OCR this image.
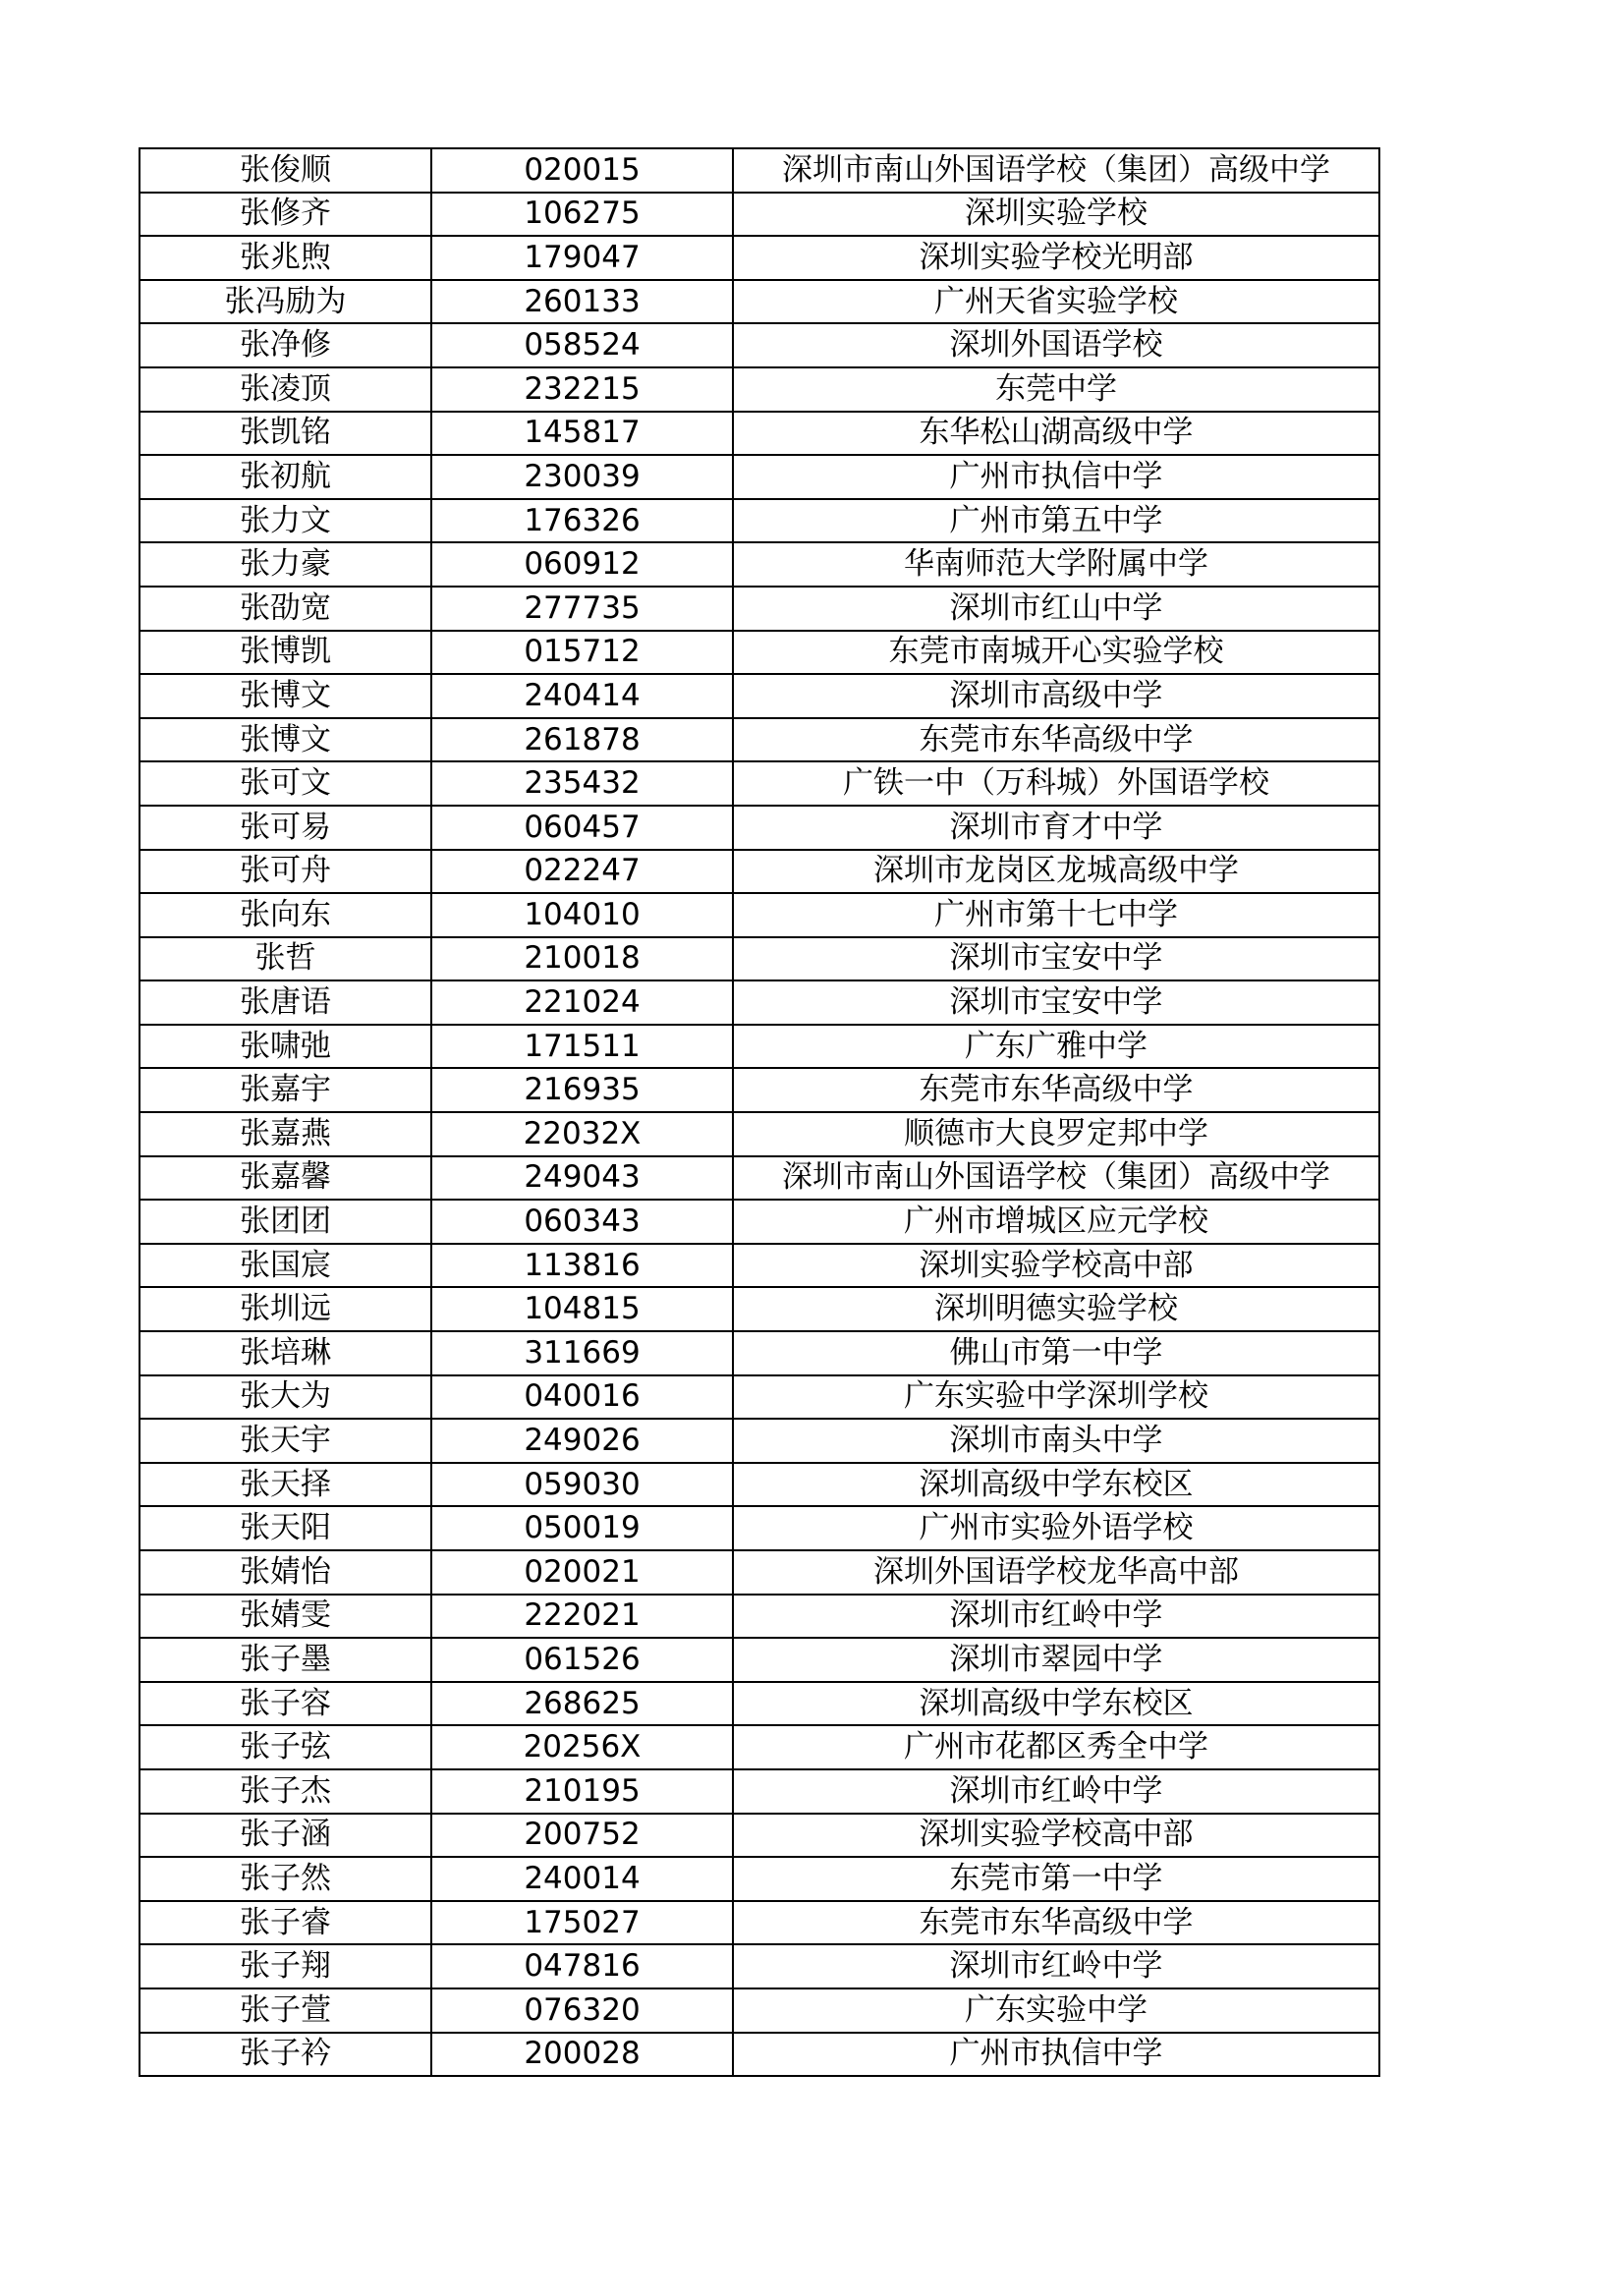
张俊顺	020015	深圳市南山外国语学校（集团）高级中学
张修齐	106275	深圳实验学校
张兆煦	179047	深圳实验学校光明部
张冯励为	260133	广州天省实验学校
张净修	058524	深圳外国语学校
张凌顶	232215	东莞中学
张凯铭	145817	东华松山湖高级中学
张初航	230039	广州市执信中学
张力文	176326	广州市第五中学
张力豪	060912	华南师范大学附属中学
张劭宽	277735	深圳市红山中学
张博凯	015712	东莞市南城开心实验学校
张博文	240414	深圳市高级中学
张博文	261878	东莞市东华高级中学
张可文	235432	广铁一中（万科城）外国语学校
张可易	060457	深圳市育才中学
张可舟	022247	深圳市龙岗区龙城高级中学
张向东	104010	广州市第十七中学
张哲	210018	深圳市宝安中学
张唐语	221024	深圳市宝安中学
张啸弛	171511	广东广雅中学
张嘉宇	216935	东莞市东华高级中学
张嘉燕	22032X	顺德市大良罗定邦中学
张嘉馨	249043	深圳市南山外国语学校（集团）高级中学
张团团	060343	广州市增城区应元学校
张国宸	113816	深圳实验学校高中部
张圳远	104815	深圳明德实验学校
张培琳	311669	佛山市第一中学
张大为	040016	广东实验中学深圳学校
张天宇	249026	深圳市南头中学
张天择	059030	深圳高级中学东校区
张天阳	050019	广州市实验外语学校
张婧怡	020021	深圳外国语学校龙华高中部
张婧雯	222021	深圳市红岭中学
张子墨	061526	深圳市翠园中学
张子容	268625	深圳高级中学东校区
张子弦	20256X	广州市花都区秀全中学
张子杰	210195	深圳市红岭中学
张子涵	200752	深圳实验学校高中部
张子然	240014	东莞市第一中学
张子睿	175027	东莞市东华高级中学
张子翔	047816	深圳市红岭中学
张子萱	076320	广东实验中学
张子衿	200028	广州市执信中学
